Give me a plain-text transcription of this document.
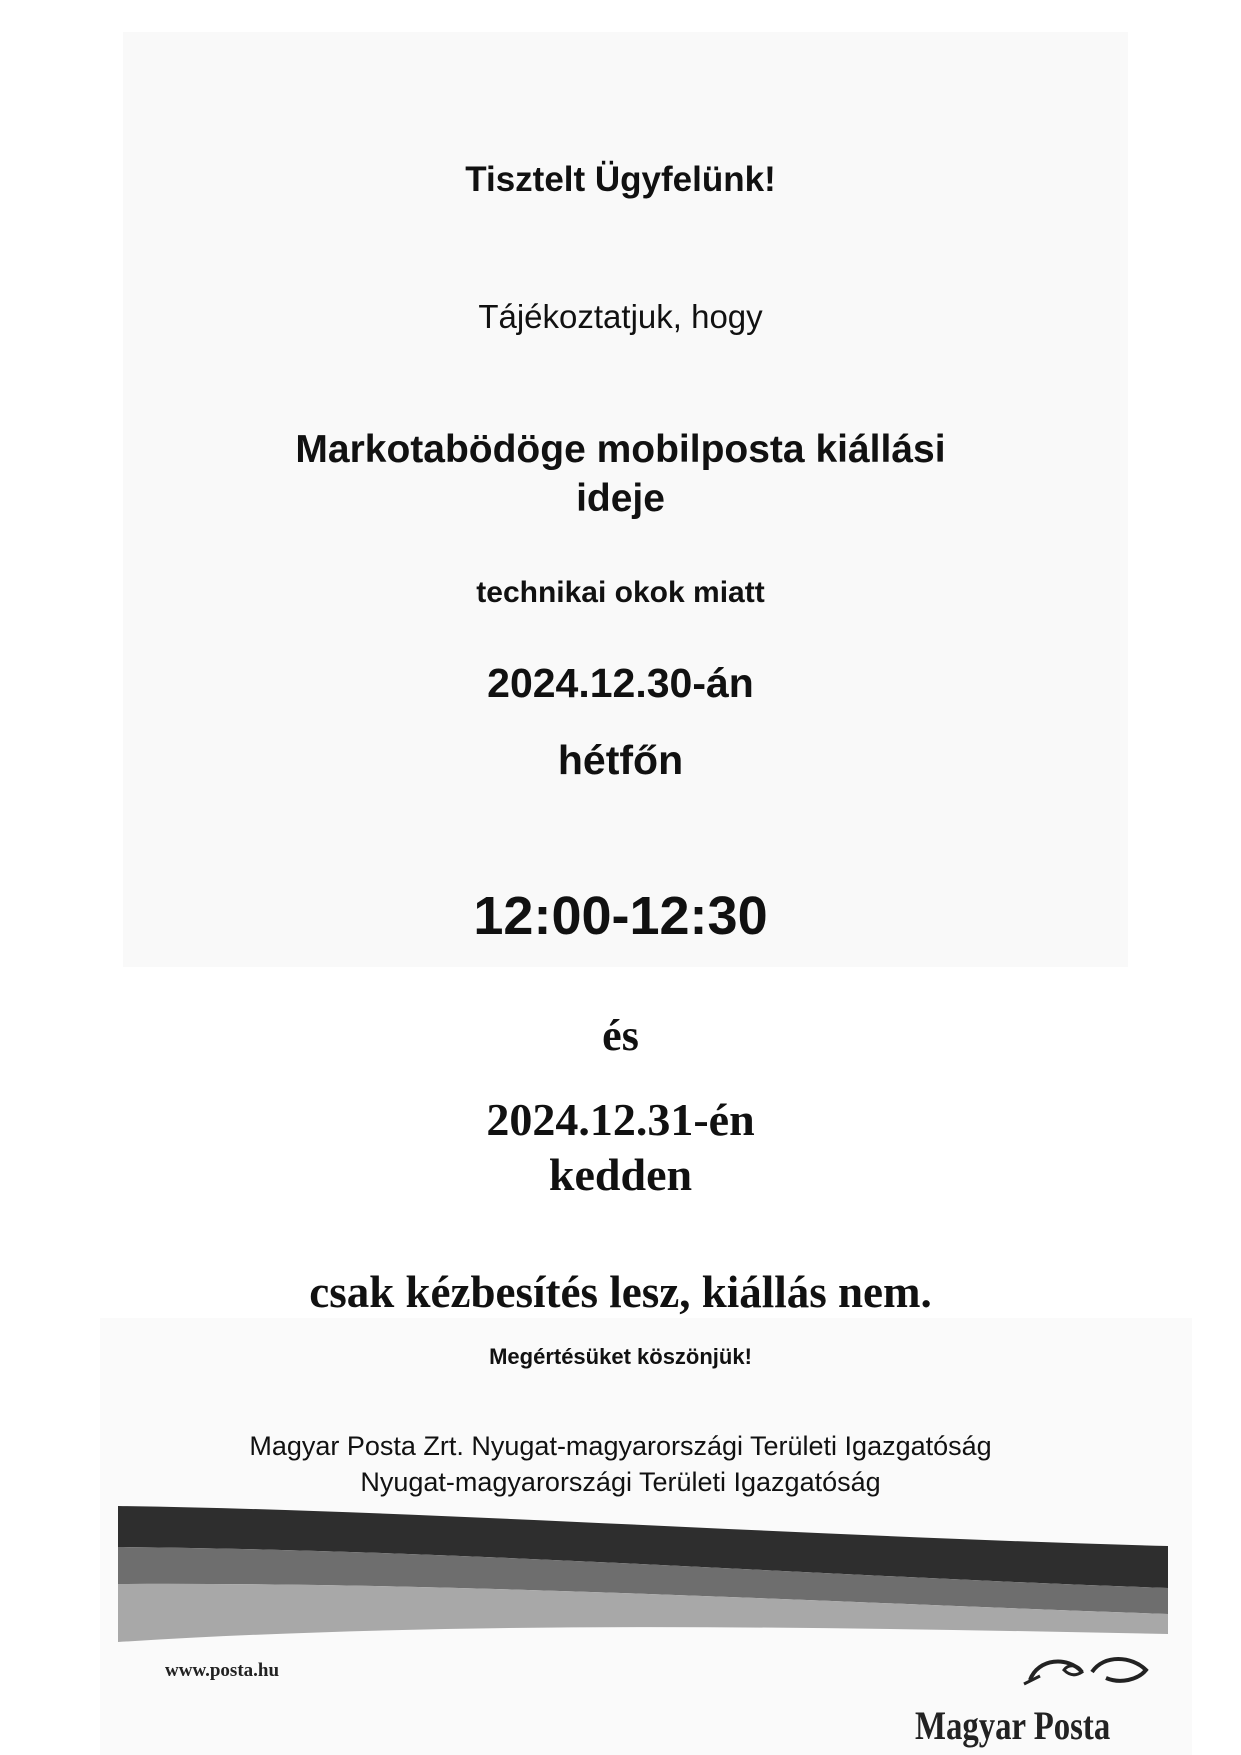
Tisztelt Ügyfelünk!
Tájékoztatjuk, hogy
Markotabödöge mobilposta kiállási
ideje
technikai okok miatt
2024.12.30-án
hétfőn
12:00-12:30
és
2024.12.31-én
kedden
csak kézbesítés lesz, kiállás nem.
Megértésüket köszönjük!
Magyar Posta Zrt. Nyugat-magyarországi Területi Igazgatóság
Nyugat-magyarországi Területi Igazgatóság
www.posta.hu
Magyar Posta
